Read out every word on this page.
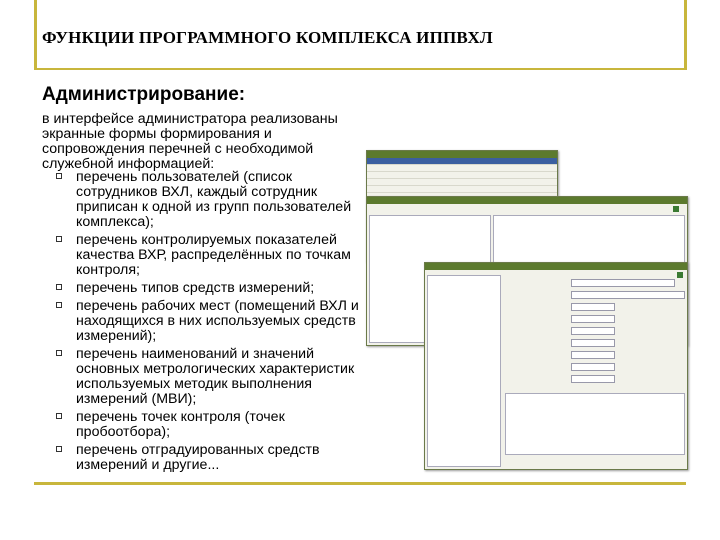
ФУНКЦИИ ПРОГРАММНОГО КОМПЛЕКСА ИППВХЛ
Администрирование:
в интерфейсе администратора реализованы экранные формы формирования и сопровождения перечней с необходимой служебной информацией:
перечень пользователей (список сотрудников ВХЛ, каждый сотрудник приписан к одной из групп пользователей комплекса);
перечень контролируемых показателей качества ВХР, распределённых по точкам контроля;
перечень типов средств измерений;
перечень рабочих мест (помещений ВХЛ и находящихся в них используемых средств измерений);
перечень наименований и значений основных метрологических характеристик используемых методик выполнения измерений (МВИ);
перечень точек контроля (точек пробоотбора);
перечень отградуированных средств измерений и другие...
